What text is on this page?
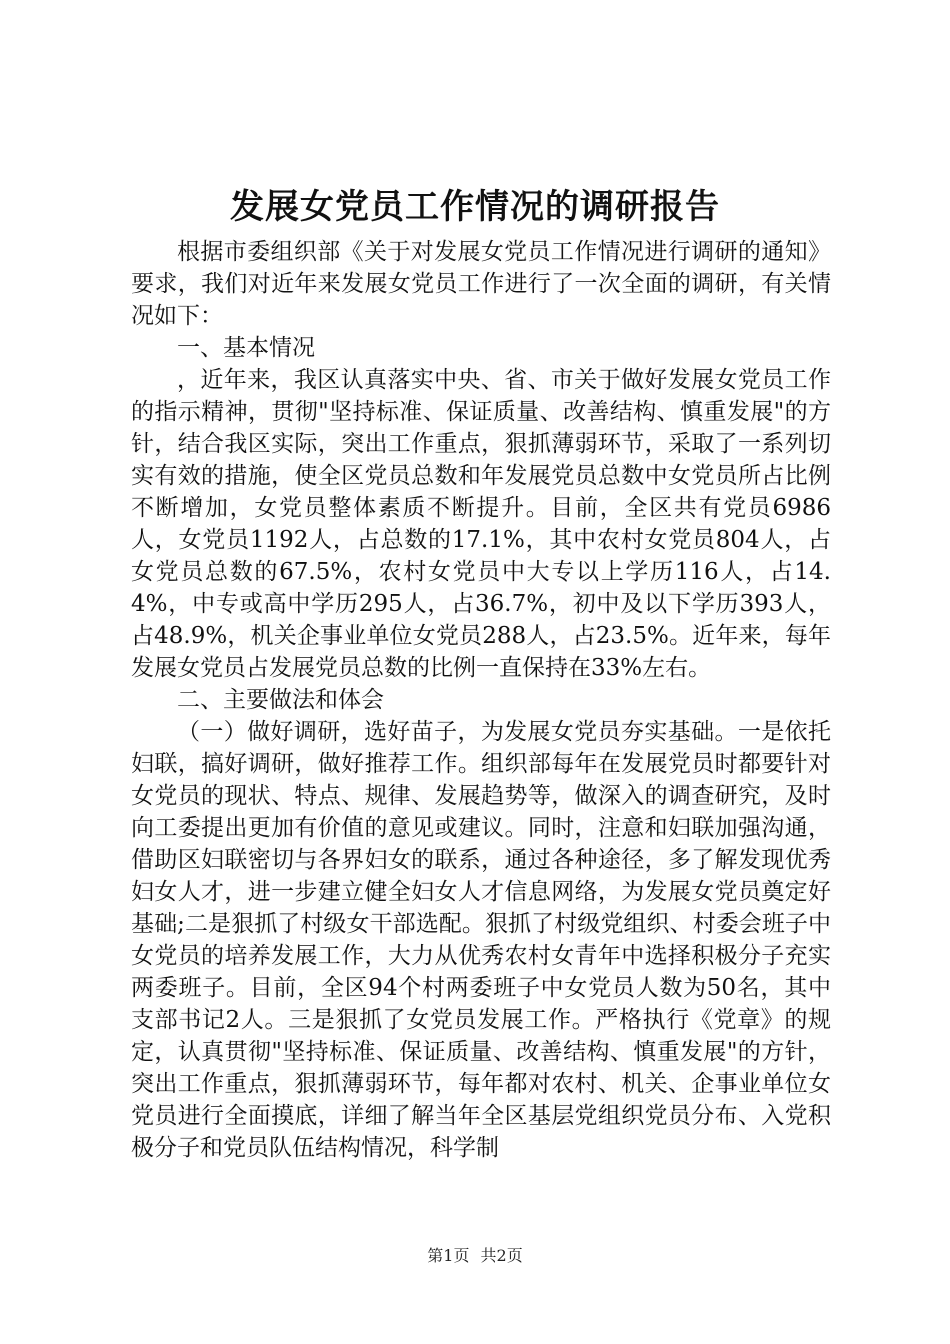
发展女党员工作情况的调研报告

根据市委组织部《关于对发展女党员工作情况进行调研的通知》要求，我们对近年来发展女党员工作进行了一次全面的调研，有关情况如下：

一、基本情况

，近年来，我区认真落实中央、省、市关于做好发展女党员工作的指示精神，贯彻"坚持标准、保证质量、改善结构、慎重发展"的方针，结合我区实际，突出工作重点，狠抓薄弱环节，采取了一系列切实有效的措施，使全区党员总数和年发展党员总数中女党员所占比例不断增加，女党员整体素质不断提升。目前，全区共有党员6986人，女党员1192人，占总数的17.1%，其中农村女党员804人，占女党员总数的67.5%，农村女党员中大专以上学历116人，占14.4%，中专或高中学历295人，占36.7%，初中及以下学历393人，占48.9%，机关企事业单位女党员288人，占23.5%。近年来，每年发展女党员占发展党员总数的比例一直保持在33%左右。

二、主要做法和体会

（一）做好调研，选好苗子，为发展女党员夯实基础。一是依托妇联，搞好调研，做好推荐工作。组织部每年在发展党员时都要针对女党员的现状、特点、规律、发展趋势等，做深入的调查研究，及时向工委提出更加有价值的意见或建议。同时，注意和妇联加强沟通，借助区妇联密切与各界妇女的联系，通过各种途径，多了解发现优秀妇女人才，进一步建立健全妇女人才信息网络，为发展女党员奠定好基础;二是狠抓了村级女干部选配。狠抓了村级党组织、村委会班子中女党员的培养发展工作，大力从优秀农村女青年中选择积极分子充实两委班子。目前，全区94个村两委班子中女党员人数为50名，其中支部书记2人。三是狠抓了女党员发展工作。严格执行《党章》的规定，认真贯彻"坚持标准、保证质量、改善结构、慎重发展"的方针，突出工作重点，狠抓薄弱环节，每年都对农村、机关、企事业单位女党员进行全面摸底，详细了解当年全区基层党组织党员分布、入党积极分子和党员队伍结构情况，科学制

第1页 共2页
